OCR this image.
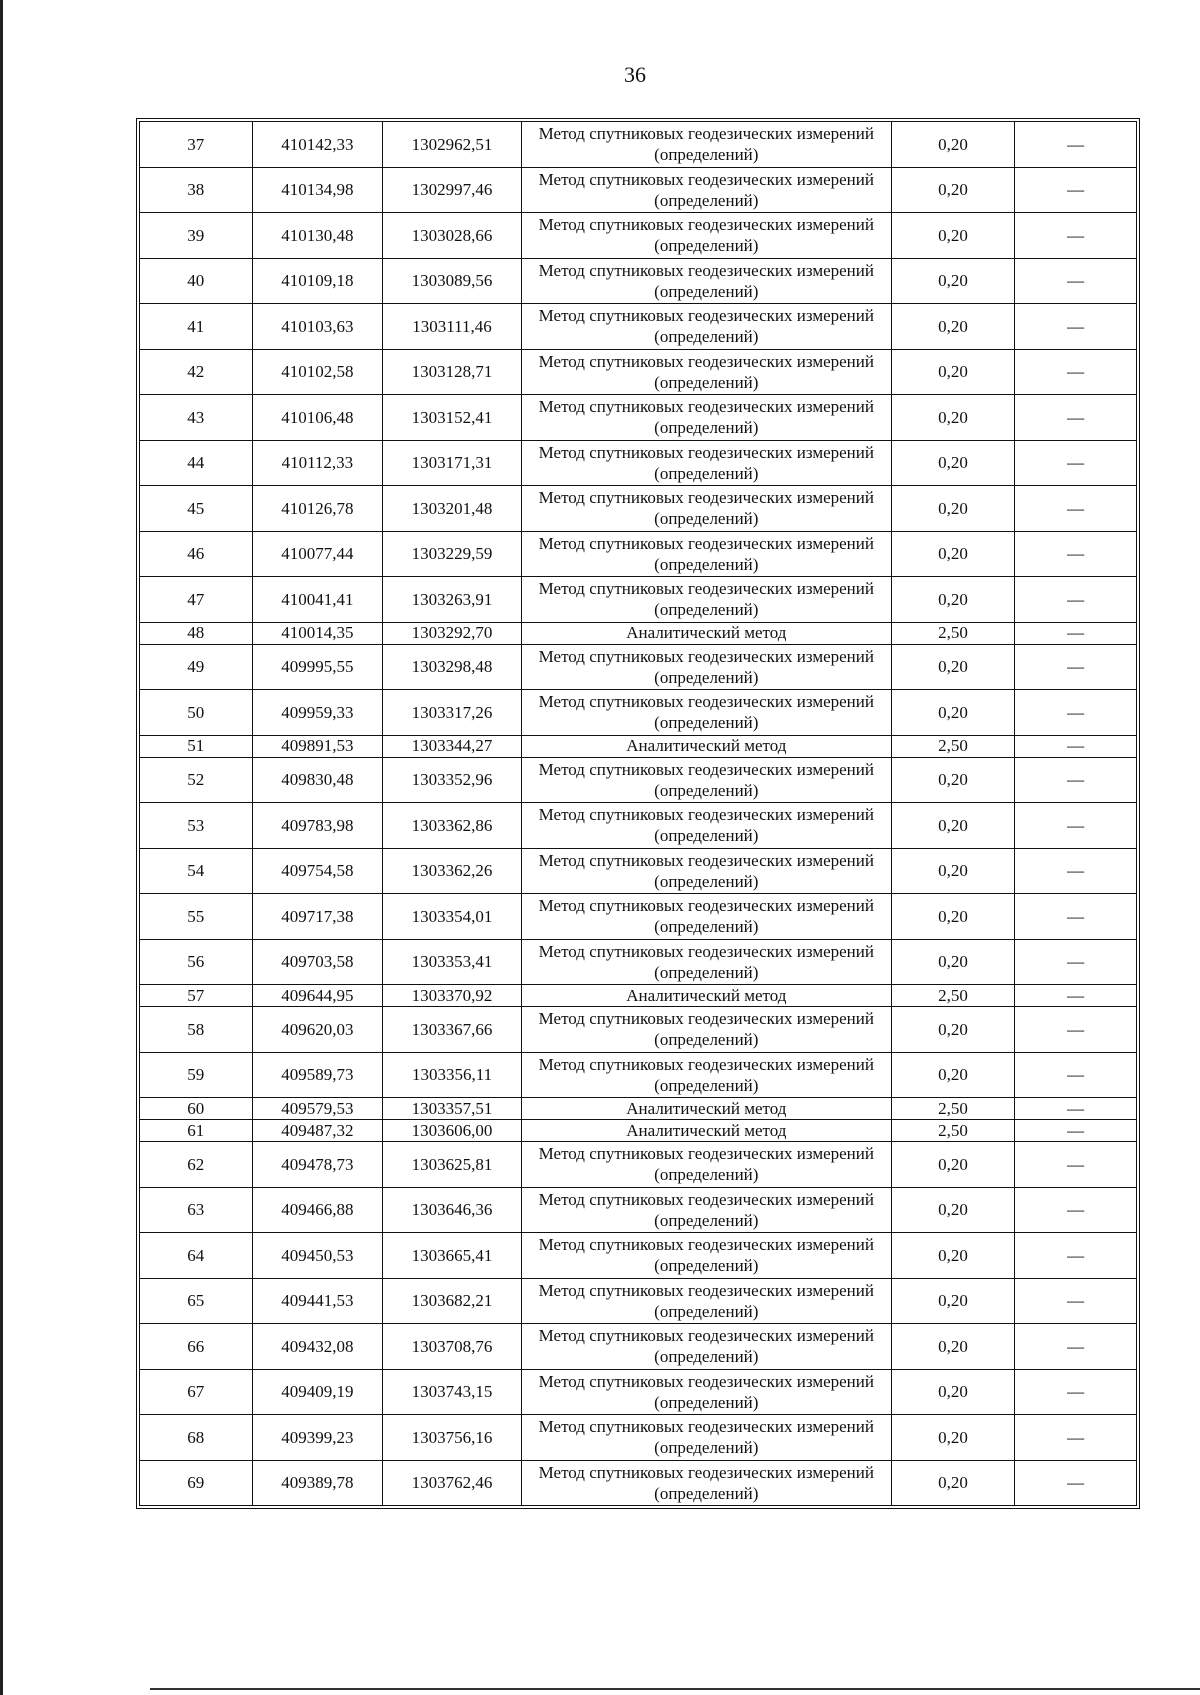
36
37	410142,33	1302962,51	Метод спутниковых геодезических измерений (определений)	0,20	—
38	410134,98	1302997,46	Метод спутниковых геодезических измерений (определений)	0,20	—
39	410130,48	1303028,66	Метод спутниковых геодезических измерений (определений)	0,20	—
40	410109,18	1303089,56	Метод спутниковых геодезических измерений (определений)	0,20	—
41	410103,63	1303111,46	Метод спутниковых геодезических измерений (определений)	0,20	—
42	410102,58	1303128,71	Метод спутниковых геодезических измерений (определений)	0,20	—
43	410106,48	1303152,41	Метод спутниковых геодезических измерений (определений)	0,20	—
44	410112,33	1303171,31	Метод спутниковых геодезических измерений (определений)	0,20	—
45	410126,78	1303201,48	Метод спутниковых геодезических измерений (определений)	0,20	—
46	410077,44	1303229,59	Метод спутниковых геодезических измерений (определений)	0,20	—
47	410041,41	1303263,91	Метод спутниковых геодезических измерений (определений)	0,20	—
48	410014,35	1303292,70	Аналитический метод	2,50	—
49	409995,55	1303298,48	Метод спутниковых геодезических измерений (определений)	0,20	—
50	409959,33	1303317,26	Метод спутниковых геодезических измерений (определений)	0,20	—
51	409891,53	1303344,27	Аналитический метод	2,50	—
52	409830,48	1303352,96	Метод спутниковых геодезических измерений (определений)	0,20	—
53	409783,98	1303362,86	Метод спутниковых геодезических измерений (определений)	0,20	—
54	409754,58	1303362,26	Метод спутниковых геодезических измерений (определений)	0,20	—
55	409717,38	1303354,01	Метод спутниковых геодезических измерений (определений)	0,20	—
56	409703,58	1303353,41	Метод спутниковых геодезических измерений (определений)	0,20	—
57	409644,95	1303370,92	Аналитический метод	2,50	—
58	409620,03	1303367,66	Метод спутниковых геодезических измерений (определений)	0,20	—
59	409589,73	1303356,11	Метод спутниковых геодезических измерений (определений)	0,20	—
60	409579,53	1303357,51	Аналитический метод	2,50	—
61	409487,32	1303606,00	Аналитический метод	2,50	—
62	409478,73	1303625,81	Метод спутниковых геодезических измерений (определений)	0,20	—
63	409466,88	1303646,36	Метод спутниковых геодезических измерений (определений)	0,20	—
64	409450,53	1303665,41	Метод спутниковых геодезических измерений (определений)	0,20	—
65	409441,53	1303682,21	Метод спутниковых геодезических измерений (определений)	0,20	—
66	409432,08	1303708,76	Метод спутниковых геодезических измерений (определений)	0,20	—
67	409409,19	1303743,15	Метод спутниковых геодезических измерений (определений)	0,20	—
68	409399,23	1303756,16	Метод спутниковых геодезических измерений (определений)	0,20	—
69	409389,78	1303762,46	Метод спутниковых геодезических измерений (определений)	0,20	—
